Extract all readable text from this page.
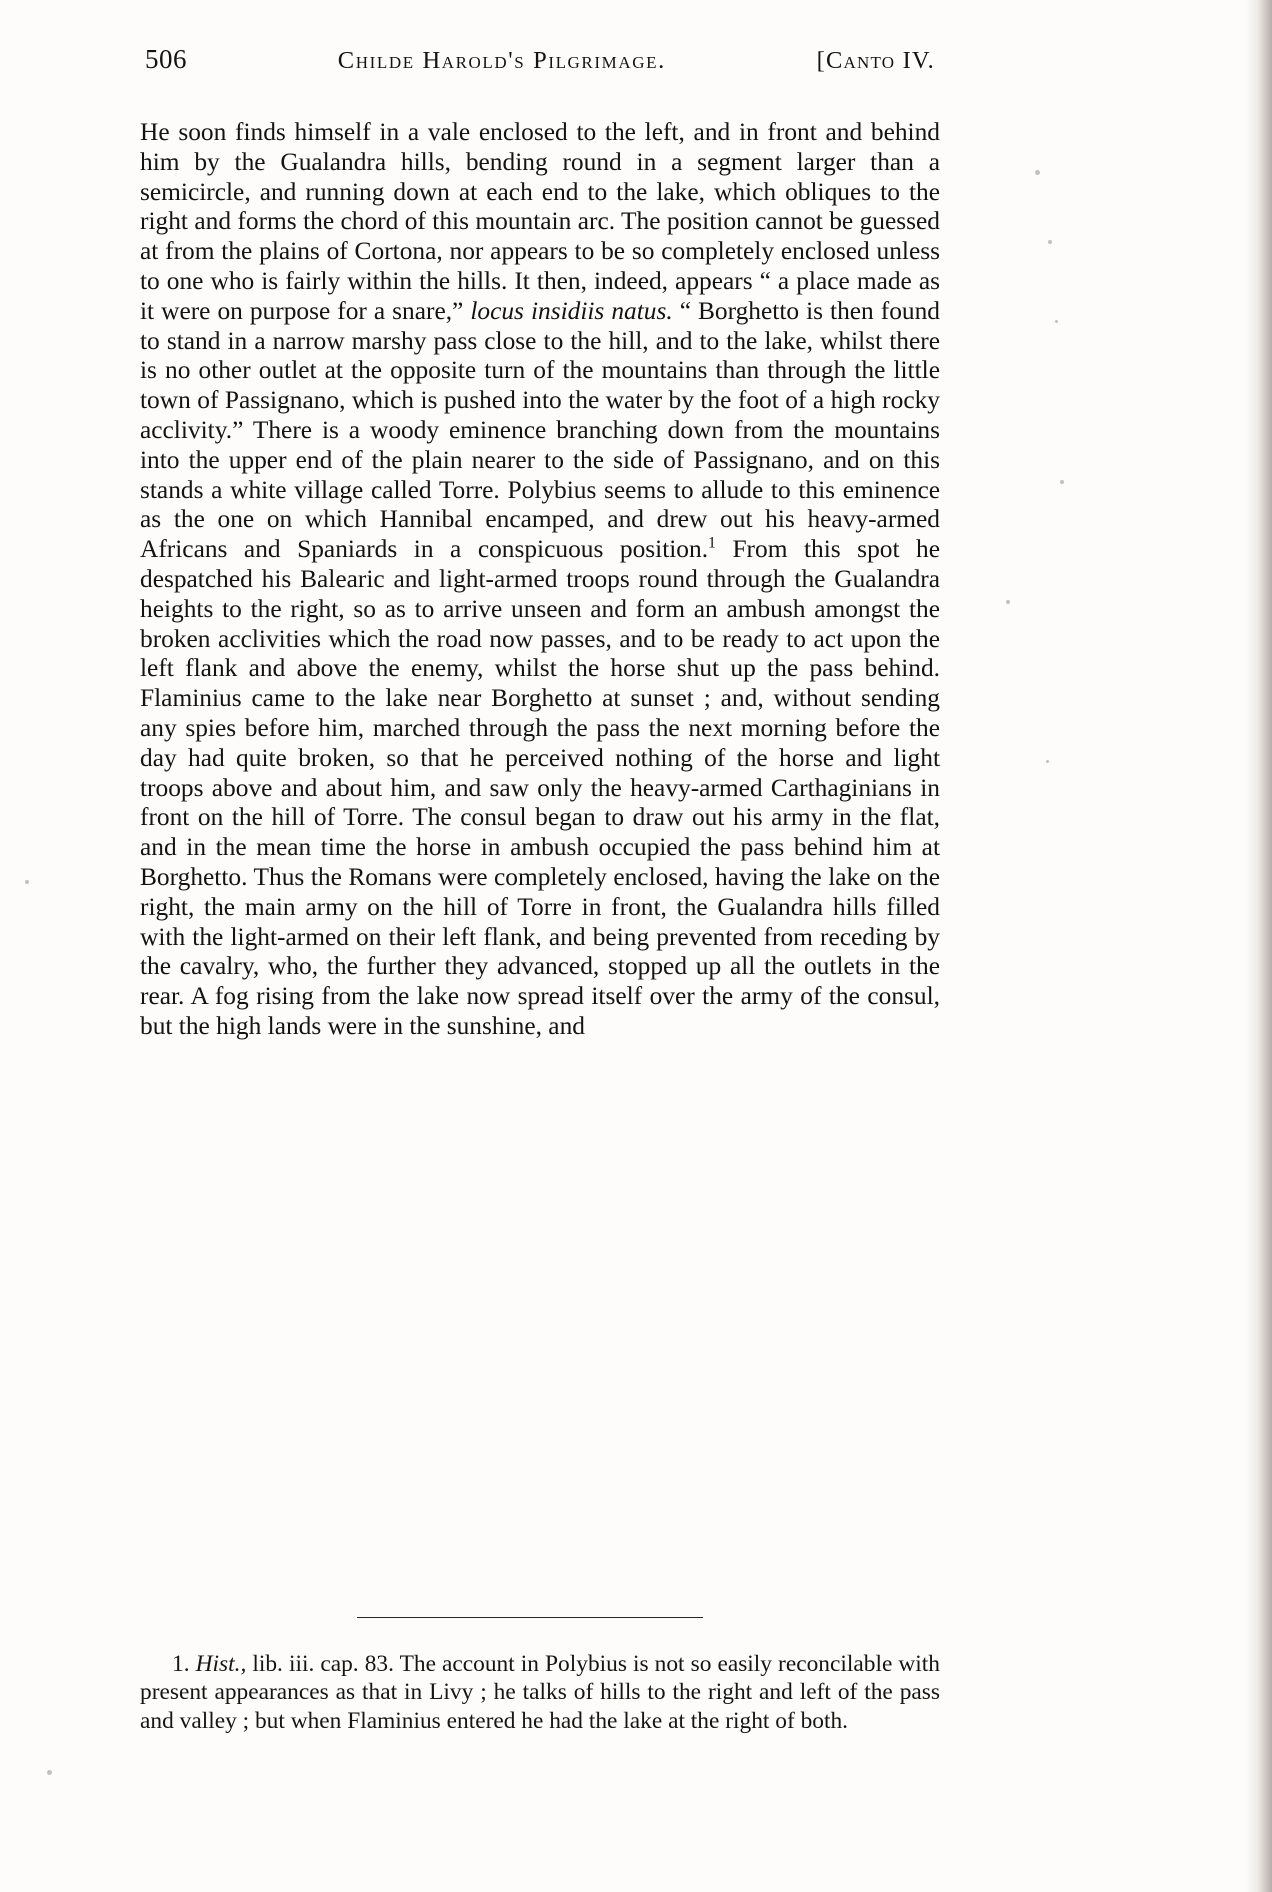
506	Childe Harold's Pilgrimage.	[Canto IV.

He soon finds himself in a vale enclosed to the left, and in front and behind him by the Gualandra hills, bending round in a segment larger than a semicircle, and running down at each end to the lake, which obliques to the right and forms the chord of this mountain arc. The position cannot be guessed at from the plains of Cortona, nor appears to be so completely enclosed unless to one who is fairly within the hills. It then, indeed, appears “ a place made as it were on purpose for a snare,” locus insidiis natus. “ Borghetto is then found to stand in a narrow marshy pass close to the hill, and to the lake, whilst there is no other outlet at the opposite turn of the mountains than through the little town of Passignano, which is pushed into the water by the foot of a high rocky acclivity.” There is a woody eminence branching down from the mountains into the upper end of the plain nearer to the side of Passignano, and on this stands a white village called Torre. Polybius seems to allude to this eminence as the one on which Hannibal encamped, and drew out his heavy-armed Africans and Spaniards in a conspicuous position.$^1$ From this spot he despatched his Balearic and light-armed troops round through the Gualandra heights to the right, so as to arrive unseen and form an ambush amongst the broken acclivities which the road now passes, and to be ready to act upon the left flank and above the enemy, whilst the horse shut up the pass behind. Flaminius came to the lake near Borghetto at sunset ; and, without sending any spies before him, marched through the pass the next morning before the day had quite broken, so that he perceived nothing of the horse and light troops above and about him, and saw only the heavy-armed Carthaginians in front on the hill of Torre. The consul began to draw out his army in the flat, and in the mean time the horse in ambush occupied the pass behind him at Borghetto. Thus the Romans were completely enclosed, having the lake on the right, the main army on the hill of Torre in front, the Gualandra hills filled with the light-armed on their left flank, and being prevented from receding by the cavalry, who, the further they advanced, stopped up all the outlets in the rear. A fog rising from the lake now spread itself over the army of the consul, but the high lands were in the sunshine, and

1. Hist., lib. iii. cap. 83. The account in Polybius is not so easily reconcilable with present appearances as that in Livy ; he talks of hills to the right and left of the pass and valley ; but when Flaminius entered he had the lake at the right of both.
